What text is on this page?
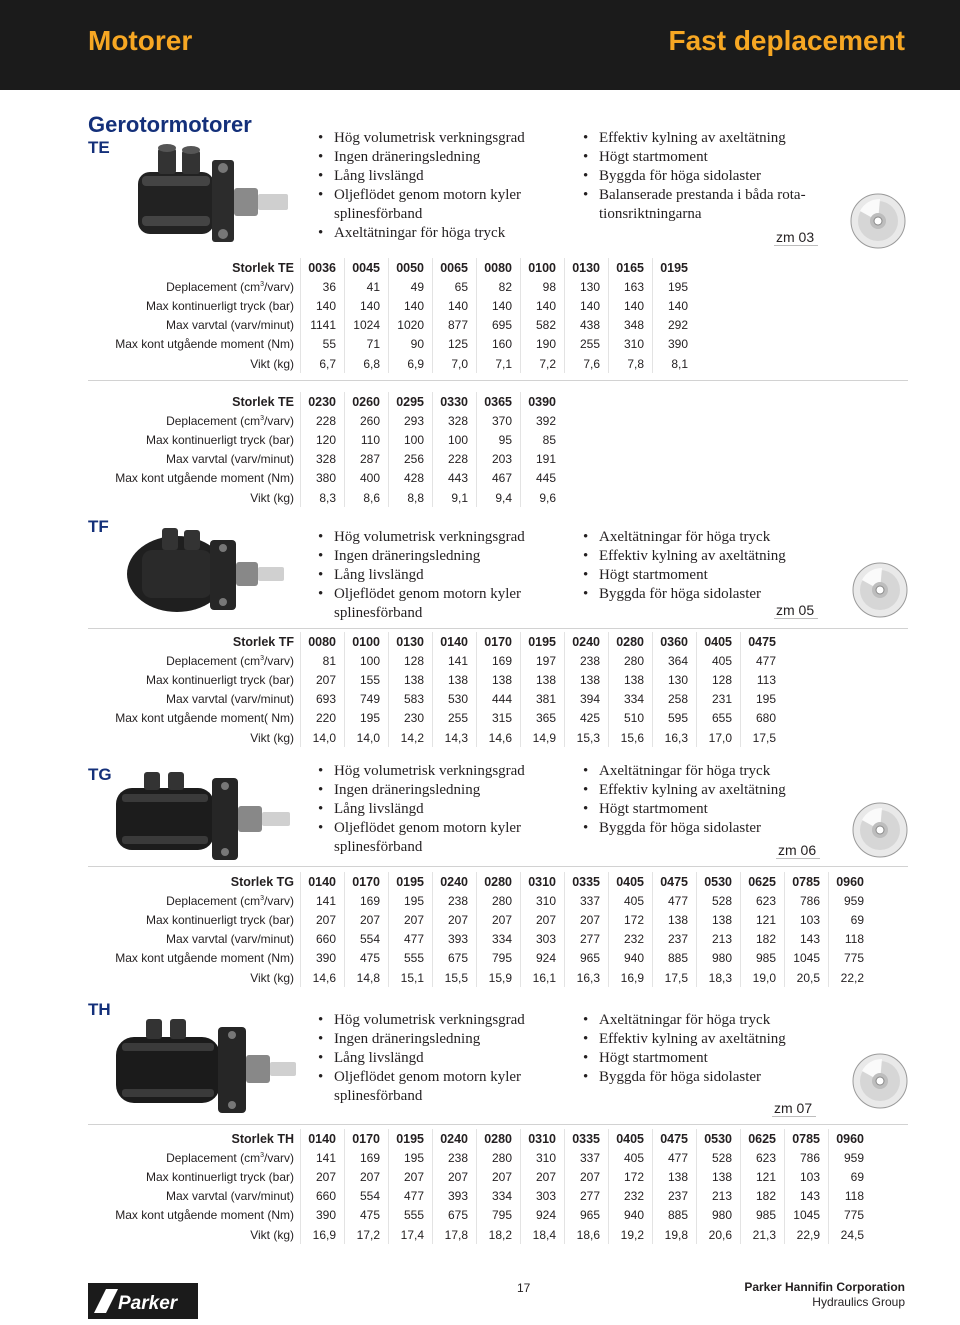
Motorer	Fast deplacement
Gerotormotorer
TE	• Hög volumetrisk verkningsgrad
• Ingen dräneringsledning
• Lång livslängd
• Oljeflödet genom motorn kyler splinesförband
• Axeltätningar för höga tryck
• Effektiv kylning av axeltätning
• Högt startmoment
• Byggda för höga sidolaster
• Balanserade prestanda i båda rota-tionsriktningarna
zm 03
Storlek TE	0036	0045	0050	0065	0080	0100	0130	0165	0195
Deplacement $(cm^3/varv)$	36	41	49	65	82	98	130	163	195
Max kontinuerligt tryck (bar)	140	140	140	140	140	140	140	140	140
Max varvtal (varv/minut)	1141	1024	1020	877	695	582	438	348	292
Max kont utgående moment (Nm)	55	71	90	125	160	190	255	310	390
Vikt (kg)	6,7	6,8	6,9	7,0	7,1	7,2	7,6	7,8	8,1
Storlek TE	0230	0260	0295	0330	0365	0390
Deplacement $(cm^3/varv)$	228	260	293	328	370	392
Max kontinuerligt tryck (bar)	120	110	100	100	95	85
Max varvtal (varv/minut)	328	287	256	228	203	191
Max kont utgående moment (Nm)	380	400	428	443	467	445
Vikt (kg)	8,3	8,6	8,8	9,1	9,4	9,6
TF
• Hög volumetrisk verkningsgrad
• Ingen dräneringsledning
• Lång livslängd
• Oljeflödet genom motorn kyler splinesförband
• Axeltätningar för höga tryck
• Effektiv kylning av axeltätning
• Högt startmoment
• Byggda för höga sidolaster
zm 05
Storlek TF	0080	0100	0130	0140	0170	0195	0240	0280	0360	0405	0475
Deplacement $(cm^3/varv)$	81	100	128	141	169	197	238	280	364	405	477
Max kontinuerligt tryck (bar)	207	155	138	138	138	138	138	138	130	128	113
Max varvtal (varv/minut)	693	749	583	530	444	381	394	334	258	231	195
Max kont utgående moment( Nm)	220	195	230	255	315	365	425	510	595	655	680
Vikt (kg)	14,0	14,0	14,2	14,3	14,6	14,9	15,3	15,6	16,3	17,0	17,5
TG	• Hög volumetrisk verkningsgrad
• Ingen dräneringsledning
• Lång livslängd
• Oljeflödet genom motorn kyler splinesförband
• Axeltätningar för höga tryck
• Effektiv kylning av axeltätning
• Högt startmoment
• Byggda för höga sidolaster
zm 06
Storlek TG	0140	0170	0195	0240	0280	0310	0335	0405	0475	0530	0625	0785	0960
Deplacement $(cm^3/varv)$	141	169	195	238	280	310	337	405	477	528	623	786	959
Max kontinuerligt tryck (bar)	207	207	207	207	207	207	207	172	138	138	121	103	69
Max varvtal (varv/minut)	660	554	477	393	334	303	277	232	237	213	182	143	118
Max kont utgående moment (Nm)	390	475	555	675	795	924	965	940	885	980	985	1045	775
Vikt (kg)	14,6	14,8	15,1	15,5	15,9	16,1	16,3	16,9	17,5	18,3	19,0	20,5	22,2
TH
• Hög volumetrisk verkningsgrad
• Ingen dräneringsledning
• Lång livslängd
• Oljeflödet genom motorn kyler splinesförband
• Axeltätningar för höga tryck
• Effektiv kylning av axeltätning
• Högt startmoment
• Byggda för höga sidolaster
zm 07
Storlek TH	0140	0170	0195	0240	0280	0310	0335	0405	0475	0530	0625	0785	0960
Deplacement $(cm^3/varv)$	141	169	195	238	280	310	337	405	477	528	623	786	959
Max kontinuerligt tryck (bar)	207	207	207	207	207	207	207	172	138	138	121	103	69
Max varvtal (varv/minut)	660	554	477	393	334	303	277	232	237	213	182	143	118
Max kont utgående moment (Nm)	390	475	555	675	795	924	965	940	885	980	985	1045	775
Vikt (kg)	16,9	17,2	17,4	17,8	18,2	18,4	18,6	19,2	19,8	20,6	21,3	22,9	24,5
Parker
17	Parker Hannifin Corporation
Hydraulics Group
